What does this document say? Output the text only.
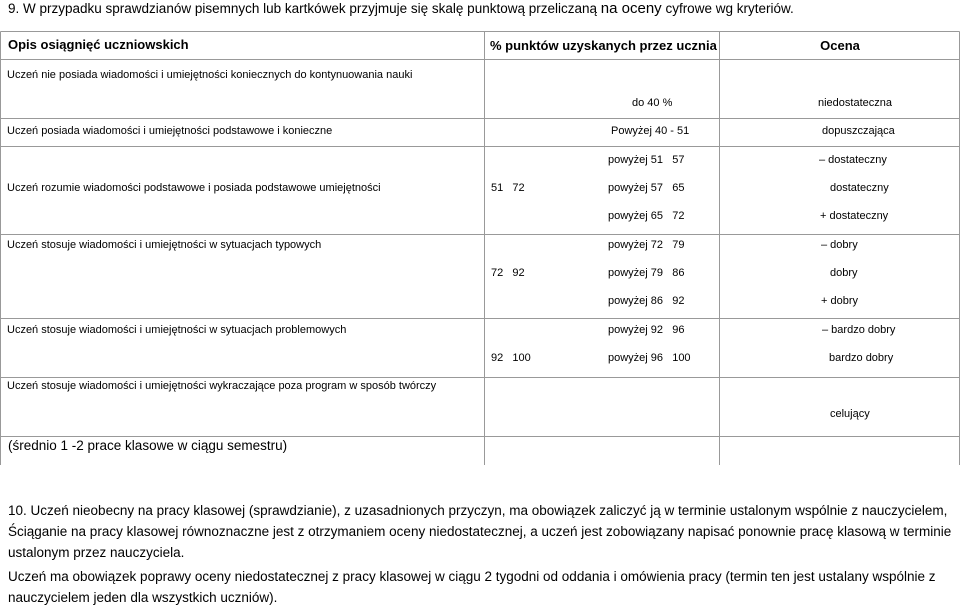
9. W przypadku sprawdzianów pisemnych lub kartkówek przyjmuje się skalę punktową przeliczaną na oceny cyfrowe wg kryteriów.
Opis osiągnięć uczniowskich	% punktów uzyskanych przez ucznia	Ocena
Uczeń nie posiada wiadomości i umiejętności koniecznych do kontynuowania nauki
Uczeń posiada wiadomości i umiejętności podstawowe i konieczne
Uczeń rozumie wiadomości podstawowe i posiada podstawowe umiejętności
Uczeń stosuje wiadomości i umiejętności w sytuacjach typowych
Uczeń stosuje wiadomości i umiejętności w sytuacjach problemowych
Uczeń stosuje wiadomości i umiejętności wykraczające poza program w sposób twórczy
51   72
72   92
92   100
do 40 %
Powyżej 40 - 51
powyżej 51   57
powyżej 57   65
powyżej 65   72
powyżej 72   79
powyżej 79   86
powyżej 86   92
powyżej 92   96
powyżej 96   100
niedostateczna
dopuszczająca
– dostateczny
dostateczny
+ dostateczny
– dobry
dobry
+ dobry
– bardzo dobry
bardzo dobry
celujący
(średnio 1 -2 prace klasowe w ciągu semestru)
10. Uczeń nieobecny na pracy klasowej (sprawdzianie), z uzasadnionych przyczyn, ma obowiązek zaliczyć ją w terminie ustalonym wspólnie z nauczycielem, Ściąganie na pracy klasowej równoznaczne jest z otrzymaniem oceny niedostatecznej, a uczeń jest zobowiązany napisać ponownie pracę klasową w terminie ustalonym przez nauczyciela.
Uczeń ma obowiązek poprawy oceny niedostatecznej z pracy klasowej w ciągu 2 tygodni od oddania i omówienia pracy (termin ten jest ustalany wspólnie z nauczycielem jeden dla wszystkich uczniów).
